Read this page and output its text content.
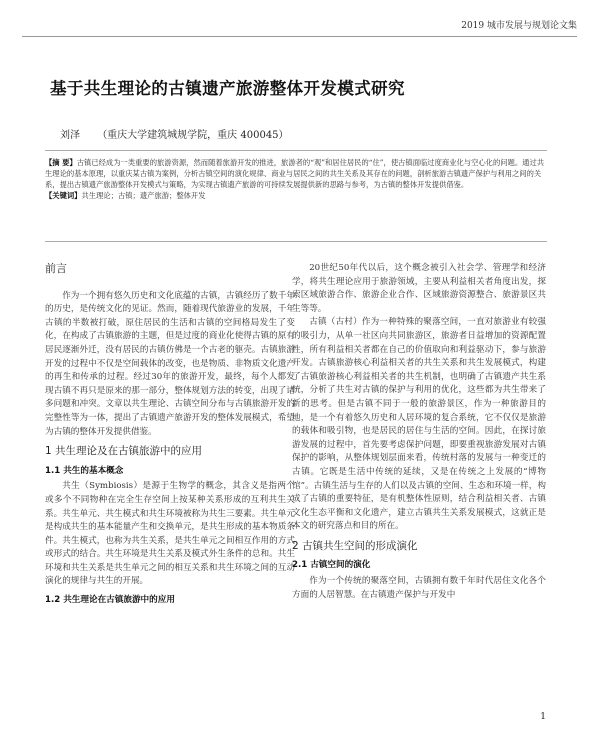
2019 城市发展与规划论文集
基于共生理论的古镇遗产旅游整体开发模式研究
刘泽 （重庆大学建筑城规学院，重庆 400045）

【摘 要】古镇已经成为一类重要的旅游资源，然而随着旅游开发的推进，旅游者的“观”和居住居民的“住”，使古镇面临过度商业化与空心化的问题。通过共生理论的基本原理，以重庆某古镇为案例，分析古镇空间的演化规律、商业与居民之间的共生关系及其存在的问题，剖析旅游古镇遗产保护与利用之间的关系，提出古镇遗产旅游整体开发模式与策略，为实现古镇遗产旅游的可持续发展提供新的思路与参考，为古镇的整体开发提供借鉴。

【关键词】共生理论；古镇；遗产旅游；整体开发

前言

作为一个拥有悠久历史和文化底蕴的古镇，古镇经历了数千年的历史，是传统文化的见证。然而，随着现代旅游业的发展，千年古镇的半数被打破，原住居民的生活和古镇的空间格局发生了变化，在构成了古镇旅游的主题，但是过度的商业化使得古镇的原有居民逐渐外迁，没有居民的古镇仿佛是一个古老的躯壳。古镇旅游开发的过程中不仅是空间载体的改变，也是物质、非物质文化遗产的再生和传承的过程。经过30年的旅游开发，最终，每个人都发现古镇不再只是原来的那一部分，整体规划方法的转变，出现了诸多问题和冲突。文章以共生理论、古镇空间分布与古镇旅游开发的完整性等为一体，提出了古镇遗产旅游开发的整体发展模式，希望为古镇的整体开发提供借鉴。

1 共生理论及在古镇旅游中的应用
1.1 共生的基本概念

共生（Symbiosis）是源于生物学的概念，其含义是指两个或多个不同物种在完全生存空间上按某种关系形成的互利共生关系。共生单元、共生模式和共生环境被称为共生三要素。共生单元是构成共生的基本能量产生和交换单元，是共生形成的基本物质条件。共生模式，也称为共生关系，是共生单元之间相互作用的方式或形式的结合。共生环境是共生关系及模式外生条件的总和。共生环境和共生关系是共生单元之间的相互关系和共生环境之间的互动演化的规律与共生的开展。

1.2 共生理论在古镇旅游中的应用

20世纪50年代以后，这个概念被引入社会学、管理学和经济学，将共生理论应用于旅游领域，主要从利益相关者角度出发，探索区域旅游合作、旅游企业合作、区域旅游资源整合、旅游景区共生等等。

古镇（古村）作为一种特殊的聚落空间，一直对旅游业有较强的吸引力，从单一社区向共同旅游区，旅游者日益增加的资源配置性，所有利益相关者都在自己的价值取向和利益驱动下，参与旅游开发。古镇旅游核心利益相关者的共生关系和共生发展模式，构建了古镇旅游核心利益相关者的共生机制，也明确了古镇遗产共生系统，分析了共生对古镇的保护与利用的优化，这些都为共生带来了新的思考。但是古镇不同于一般的旅游景区，作为一种旅游目的地，是一个有着悠久历史和人居环境的复合系统，它不仅仅是旅游的载体和吸引物，也是居民的居住与生活的空间。因此，在探讨旅游发展的过程中，首先要考虑保护问题，即要重视旅游发展对古镇保护的影响，从整体规划层面来看，传统村落的发展与一种变迁的古镇。它既是生活中传统的延续，又是在传统之上发展的“博物馆”。古镇生活与生存的人们以及古镇的空间、生态和环境一样，构成了古镇的重要特征，是有机整体性原则，结合利益相关者、古镇文化生态平衡和文化遗产，建立古镇共生关系发展模式，这就正是本文的研究落点和目的所在。

2 古镇共生空间的形成演化
2.1 古镇空间的演化

作为一个传统的聚落空间，古镇拥有数千年时代居住文化各个方面的人居智慧。在古镇遗产保护与开发中

1
